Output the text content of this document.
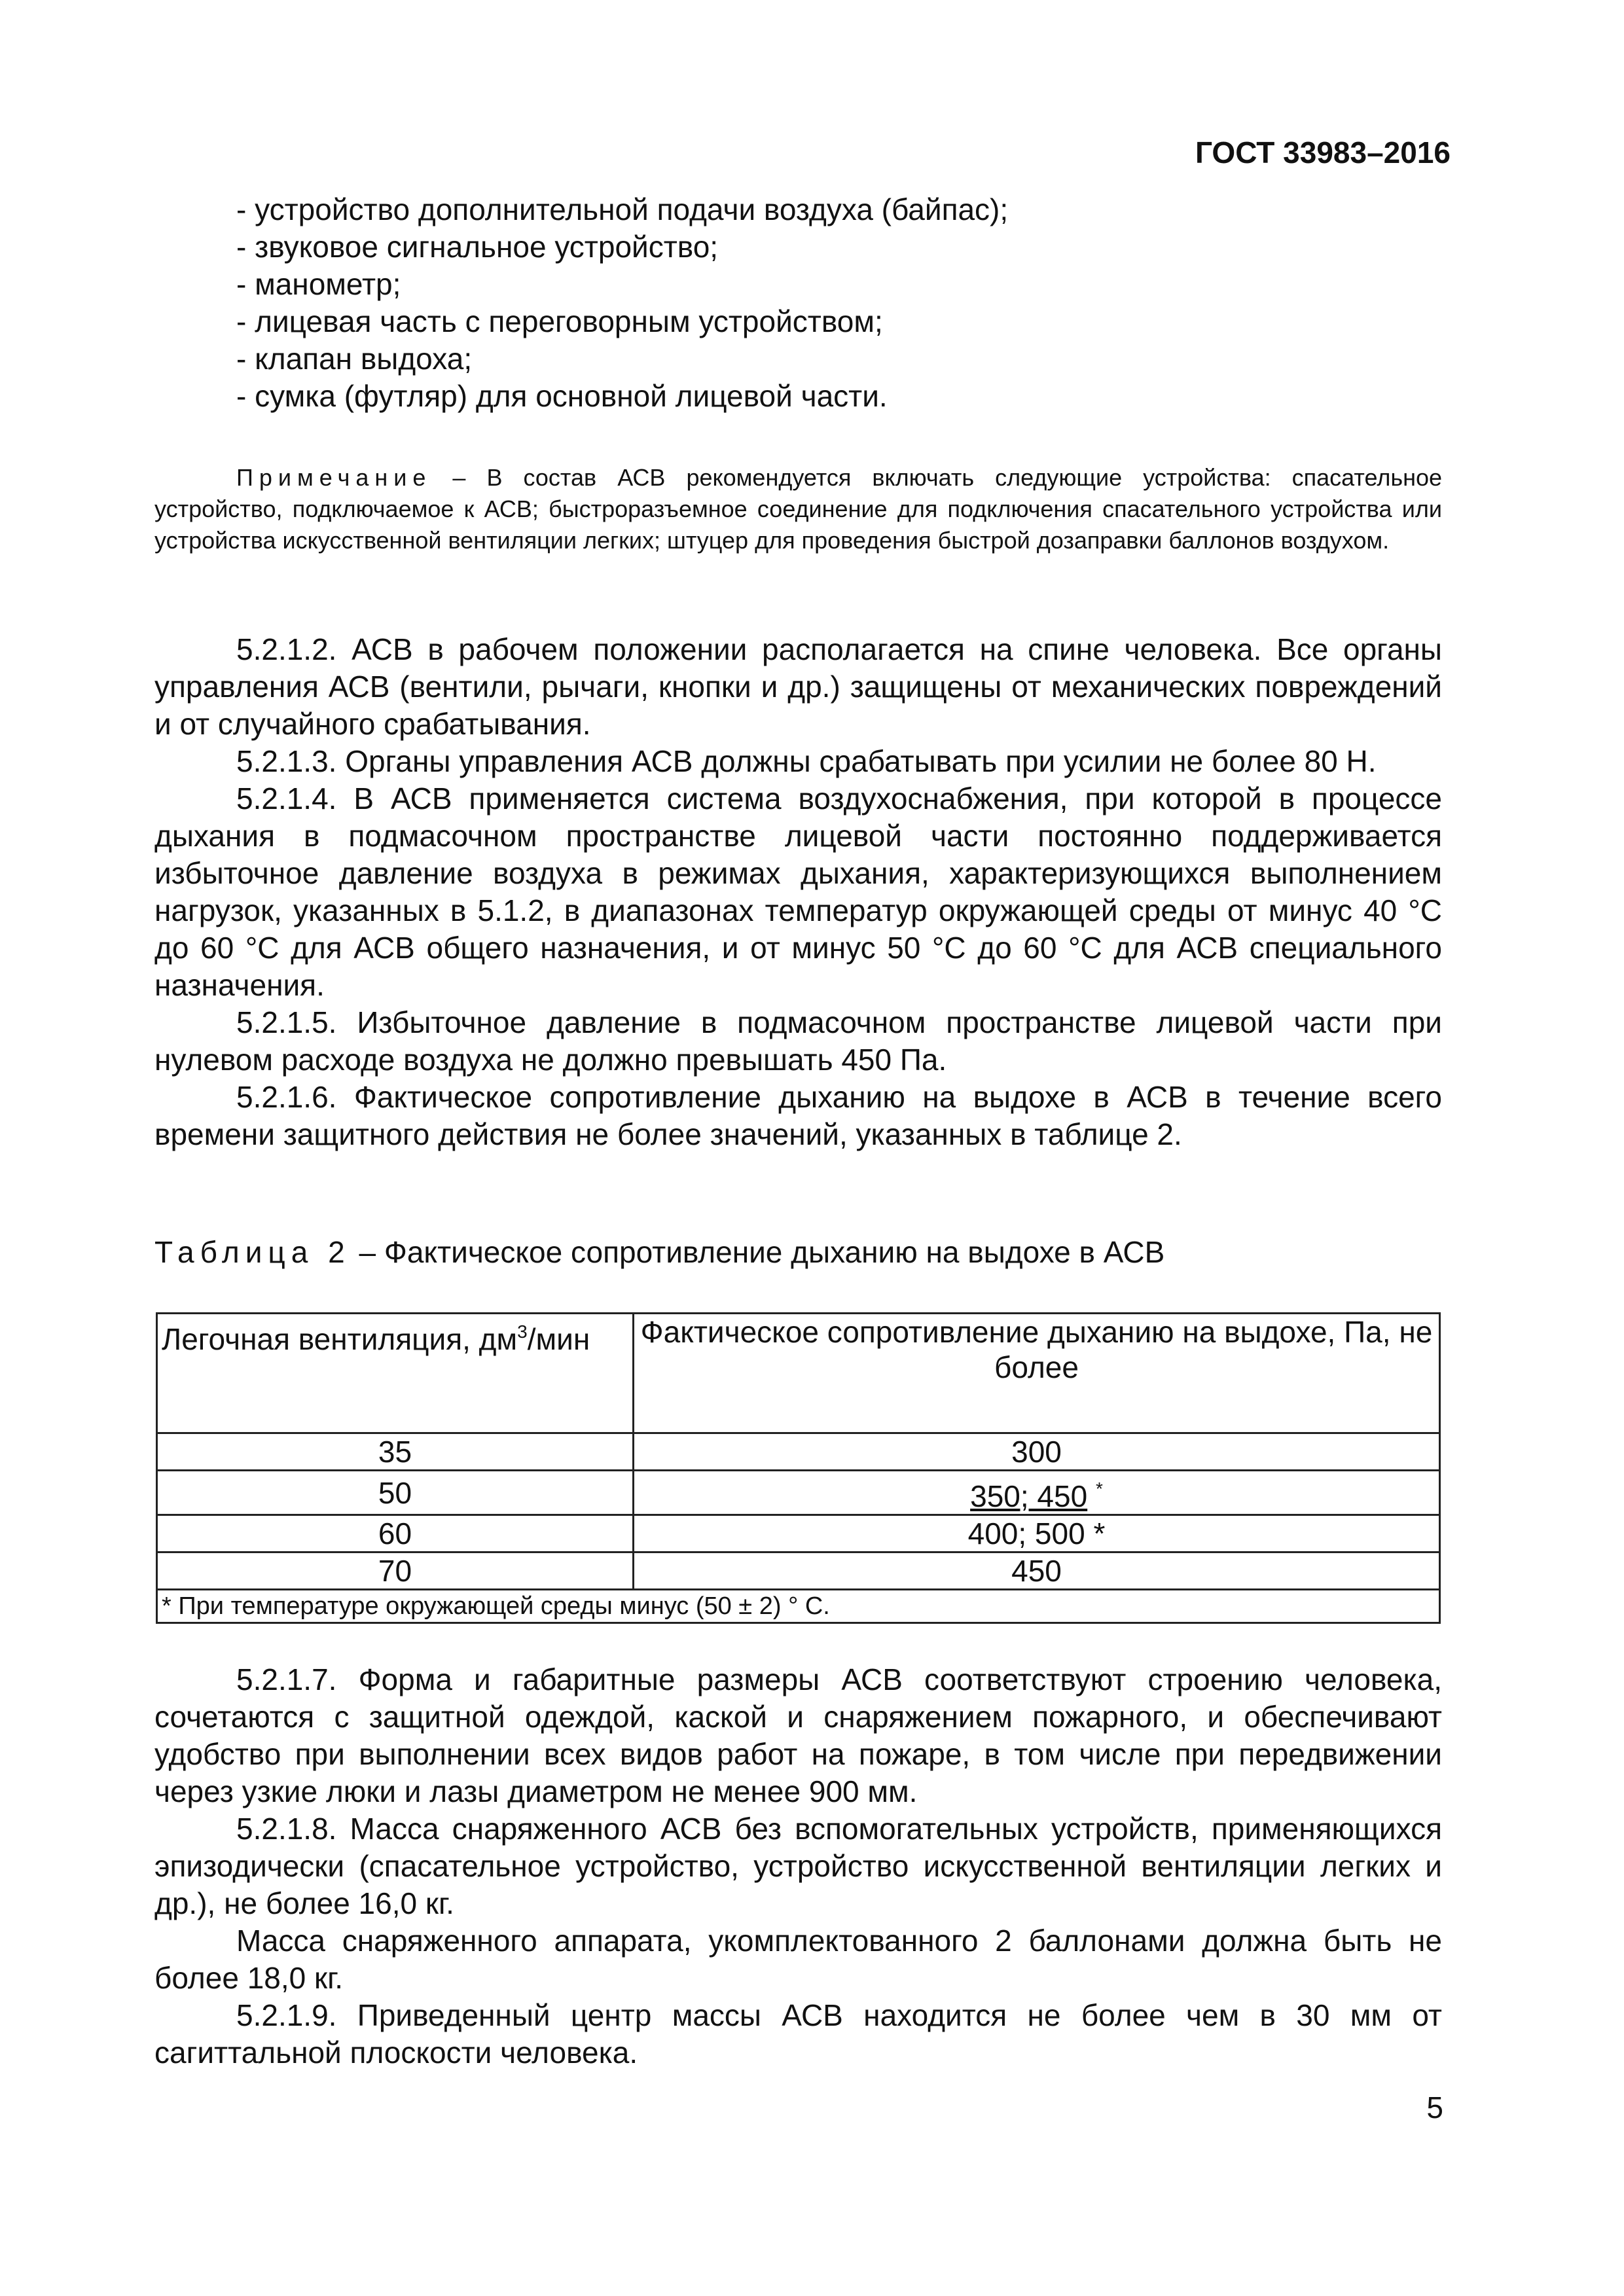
ГОСТ 33983–2016
- устройство дополнительной подачи воздуха (байпас);
- звуковое сигнальное устройство;
- манометр;
- лицевая часть с переговорным устройством;
- клапан выдоха;
- сумка (футляр) для основной лицевой части.

Примечание – В состав АСВ рекомендуется включать следующие устройства: спасательное устройство, подключаемое к АСВ; быстроразъемное соединение для подключения спасательного устройства или устройства искусственной вентиляции легких; штуцер для проведения быстрой дозаправки баллонов воздухом.

5.2.1.2. АСВ в рабочем положении располагается на спине человека. Все органы управления АСВ (вентили, рычаги, кнопки и др.) защищены от механических повреждений и от случайного срабатывания.

5.2.1.3. Органы управления АСВ должны срабатывать при усилии не более 80 Н.

5.2.1.4. В АСВ применяется система воздухоснабжения, при которой в процессе дыхания в подмасочном пространстве лицевой части постоянно поддерживается избыточное давление воздуха в режимах дыхания, характеризующихся выполнением нагрузок, указанных в 5.1.2, в диапазонах температур окружающей среды от минус 40 °С до 60 °С для АСВ общего назначения, и от минус 50 °С до 60 °С для АСВ специального назначения.

5.2.1.5. Избыточное давление в подмасочном пространстве лицевой части при нулевом расходе воздуха не должно превышать 450 Па.

5.2.1.6. Фактическое сопротивление дыханию на выдохе в АСВ в течение всего времени защитного действия не более значений, указанных в таблице 2.

Таблица 2 – Фактическое сопротивление дыханию на выдохе в АСВ
Легочная вентиляция, $дм^3$/мин	Фактическое сопротивление дыханию на выдохе, Па, не более
35	300
50	350; 450 *
60	400; 500 *
70	450
* При температуре окружающей среды минус (50 ± 2) ° С.	

5.2.1.7. Форма и габаритные размеры АСВ соответствуют строению человека, сочетаются с защитной одеждой, каской и снаряжением пожарного, и обеспечивают удобство при выполнении всех видов работ на пожаре, в том числе при передвижении через узкие люки и лазы диаметром не менее 900 мм.

5.2.1.8. Масса снаряженного АСВ без вспомогательных устройств, применяющихся эпизодически (спасательное устройство, устройство искусственной вентиляции легких и др.), не более 16,0 кг.

Масса снаряженного аппарата, укомплектованного 2 баллонами должна быть не более 18,0 кг.

5.2.1.9. Приведенный центр массы АСВ находится не более чем в 30 мм от сагиттальной плоскости человека.

5
